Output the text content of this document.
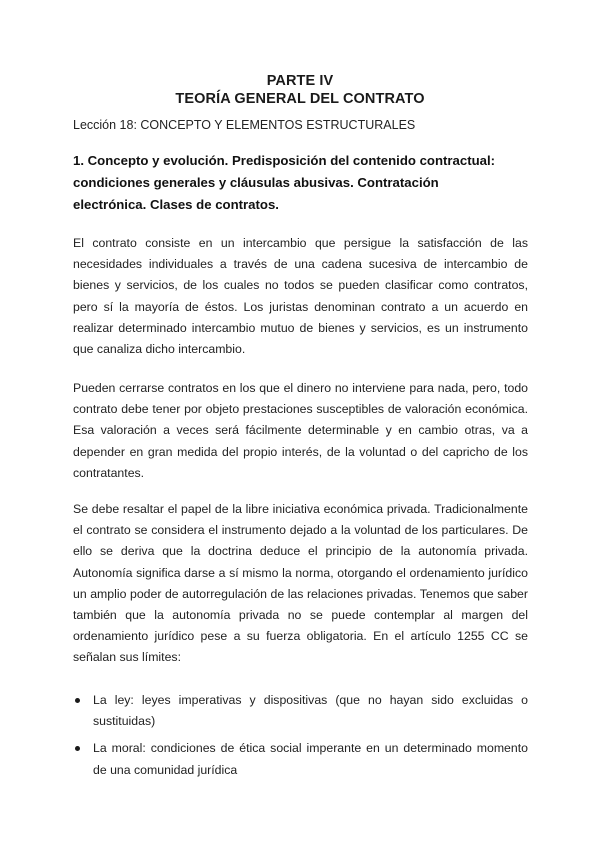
PARTE IV
TEORÍA GENERAL DEL CONTRATO
Lección 18: CONCEPTO Y ELEMENTOS ESTRUCTURALES
1. Concepto y evolución. Predisposición del contenido contractual: condiciones generales y cláusulas abusivas. Contratación electrónica. Clases de contratos.

El contrato consiste en un intercambio que persigue la satisfacción de las necesidades individuales a través de una cadena sucesiva de intercambio de bienes y servicios, de los cuales no todos se pueden clasificar como contratos, pero sí la mayoría de éstos. Los juristas denominan contrato a un acuerdo en realizar determinado intercambio mutuo de bienes y servicios, es un instrumento que canaliza dicho intercambio.

Pueden cerrarse contratos en los que el dinero no interviene para nada, pero, todo contrato debe tener por objeto prestaciones susceptibles de valoración económica. Esa valoración a veces será fácilmente determinable y en cambio otras, va a depender en gran medida del propio interés, de la voluntad o del capricho de los contratantes.

Se debe resaltar el papel de la libre iniciativa económica privada. Tradicionalmente el contrato se considera el instrumento dejado a la voluntad de los particulares. De ello se deriva que la doctrina deduce el principio de la autonomía privada. Autonomía significa darse a sí mismo la norma, otorgando el ordenamiento jurídico un amplio poder de autorregulación de las relaciones privadas. Tenemos que saber también que la autonomía privada no se puede contemplar al margen del ordenamiento jurídico pese a su fuerza obligatoria. En el artículo 1255 CC se señalan sus límites:

La ley: leyes imperativas y dispositivas (que no hayan sido excluidas o sustituidas)
La moral: condiciones de ética social imperante en un determinado momento de una comunidad jurídica
